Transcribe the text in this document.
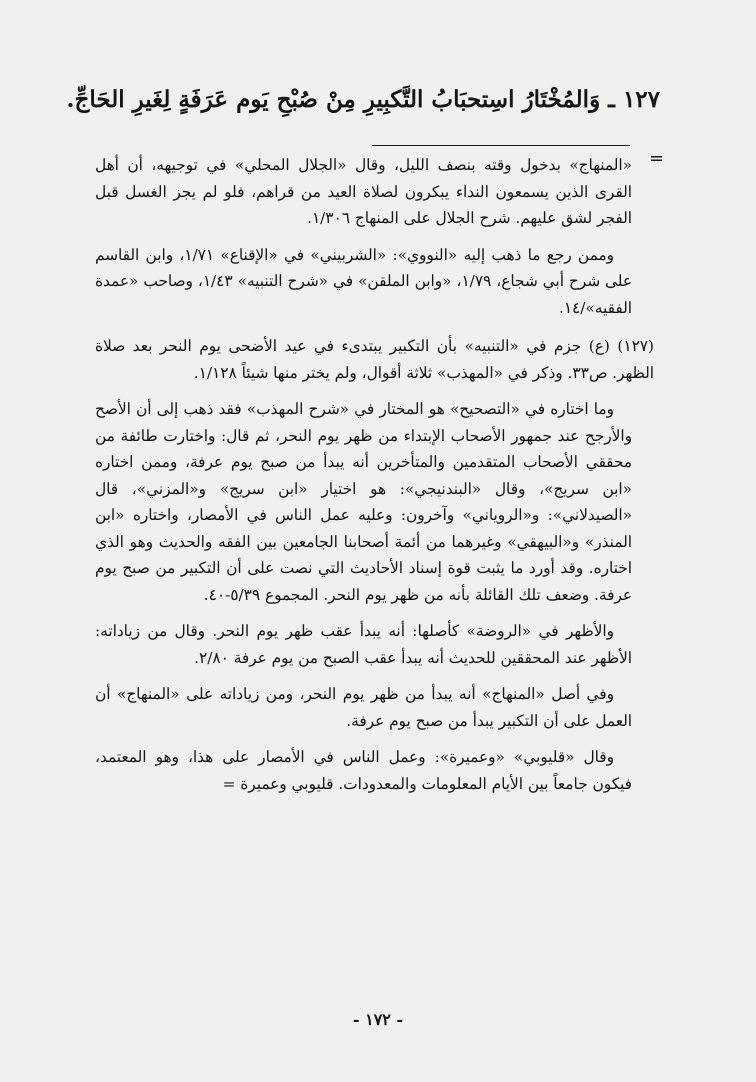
١٢٧ ـ وَالمُخْتَارُ اسِتحبَابُ التَّكبِيرِ مِنْ صُبْحِ يَوم عَرَفَةٍ لِغَيرِ الحَاجِّ.
=

«المنهاج» بدخول وقته بنصف الليل، وقال «الجلال المحلي» في توجيهه، أن أهل القرى الذين يسمعون النداء يبكرون لصلاة العيد من قراهم، فلو لم يجز الغسل قبل الفجر لشق عليهم. شرح الجلال على المنهاج ١/٣٠٦.

وممن رجع ما ذهب إليه «النووي»: «الشربيني» في «الإقناع» ١/٧١، وابن القاسم على شرح أبي شجاع، ١/٧٩، «وابن الملقن» في «شرح التنبيه» ١/٤٣، وصاحب «عمدة الفقيه»/١٤.

(١٢٧) (ع) جزم في «التنبيه» بأن التكبير يبتدىء في عيد الأضحى يوم النحر بعد صلاة الظهر. ص٣٣. وذكر في «المهذب» ثلاثة أقوال، ولم يختر منها شيئاً ١/١٢٨.

وما اختاره في «التصحيح» هو المختار في «شرح المهذب» فقد ذهب إلى أن الأصح والأرجح عند جمهور الأصحاب الإبتداء من ظهر يوم النحر، ثم قال: واختارت طائفة من محققي الأصحاب المتقدمين والمتأخرين أنه يبدأ من صبح يوم عرفة، وممن اختاره «ابن سريج»، وقال «البندنيجي»: هو اختيار «ابن سريج» و«المزني»، قال «الصيدلاني»: و«الروياني» وآخرون: وعليه عمل الناس في الأمصار، واختاره «ابن المنذر» و«البيهقي» وغيرهما من أئمة أصحابنا الجامعين بين الفقه والحديث وهو الذي اختاره. وقد أورد ما يثبت قوة إسناد الأحاديث التي نصت على أن التكبير من صبح يوم عرفة. وضعف تلك القائلة بأنه من ظهر يوم النحر. المجموع ٥/٣٩-٤٠.

والأظهر في «الروضة» كأصلها: أنه يبدأ عقب ظهر يوم النحر. وقال من زياداته: الأظهر عند المحققين للحديث أنه يبدأ عقب الصبح من يوم عرفة ٢/٨٠.

وفي أصل «المنهاج» أنه يبدأ من ظهر يوم النحر، ومن زياداته على «المنهاج» أن العمل على أن التكبير يبدأ من صبح يوم عرفة.

وقال «قليوبي» «وعميرة»: وعمل الناس في الأمصار على هذا، وهو المعتمد، فيكون جامعاً بين الأيام المعلومات والمعدودات. قليوبي وعميرة =

- ١٧٢ -
